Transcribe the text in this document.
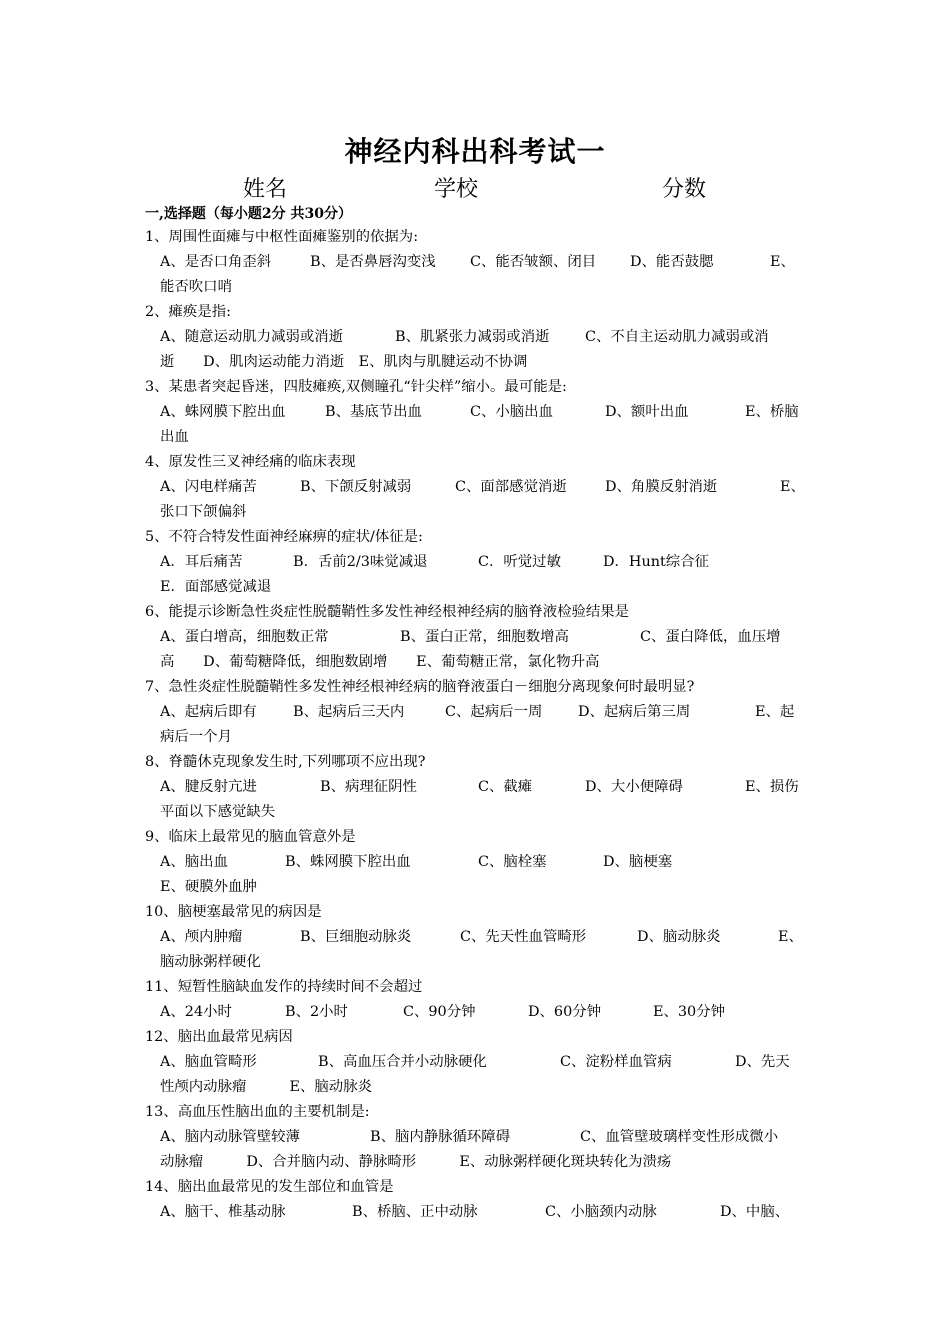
神经内科出科考试一
姓名	学校	分数
一,选择题（每小题2分 共30分）
1、周围性面瘫与中枢性面瘫鉴别的依据为:
A、是否口角歪斜	B、是否鼻唇沟变浅 C、能否皱额、闭目 D、能否鼓腮	E、
能否吹口哨
2、瘫痪是指:
A、随意运动肌力减弱或消逝	B、肌紧张力减弱或消逝 C、不自主运动肌力减弱或消
逝　　D、肌肉运动能力消逝　E、肌肉与肌腱运动不协调
3、某患者突起昏迷，四肢瘫痪,双侧瞳孔“针尖样”缩小。最可能是:
A、蛛网膜下腔出血	B、基底节出血	C、小脑出血	D、额叶出血	E、桥脑
出血
4、原发性三叉神经痛的临床表现
A、闪电样痛苦	B、下颌反射减弱	C、面部感觉消逝	D、角膜反射消逝	E、
张口下颌偏斜
5、不符合特发性面神经麻痹的症状/体征是:
A．耳后痛苦	B．舌前2/3味觉减退	C．听觉过敏	D．Hunt综合征
E．面部感觉减退
6、能提示诊断急性炎症性脱髓鞘性多发性神经根神经病的脑脊液检验结果是
A、蛋白增高，细胞数正常	B、蛋白正常，细胞数增高	C、蛋白降低，血压增
高　　D、葡萄糖降低，细胞数剧增　　E、葡萄糖正常，氯化物升高
7、急性炎症性脱髓鞘性多发性神经根神经病的脑脊液蛋白－细胞分离现象何时最明显?
A、起病后即有	B、起病后三天内	C、起病后一周 D、起病后第三周	E、起
病后一个月
8、脊髓休克现象发生时,下列哪项不应出现?
A、腱反射亢进	B、病理征阴性	C、截瘫	D、大小便障碍	E、损伤
平面以下感觉缺失
9、临床上最常见的脑血管意外是
A、脑出血	B、蛛网膜下腔出血	C、脑栓塞	D、脑梗塞
E、硬膜外血肿
10、脑梗塞最常见的病因是
A、颅内肿瘤	B、巨细胞动脉炎	C、先天性血管畸形	D、脑动脉炎	E、
脑动脉粥样硬化
11、短暂性脑缺血发作的持续时间不会超过
A、24小时	B、2小时	C、90分钟	D、60分钟	E、30分钟
12、脑出血最常见病因
A、脑血管畸形	B、高血压合并小动脉硬化	C、淀粉样血管病	D、先天
性颅内动脉瘤　　　E、脑动脉炎
13、高血压性脑出血的主要机制是:
A、脑内动脉管壁较薄	B、脑内静脉循环障碍	C、血管壁玻璃样变性形成微小
动脉瘤　　　D、合并脑内动、静脉畸形　　　E、动脉粥样硬化斑块转化为溃疡
14、脑出血最常见的发生部位和血管是
A、脑干、椎基动脉	B、桥脑、正中动脉	C、小脑颈内动脉	D、中脑、
